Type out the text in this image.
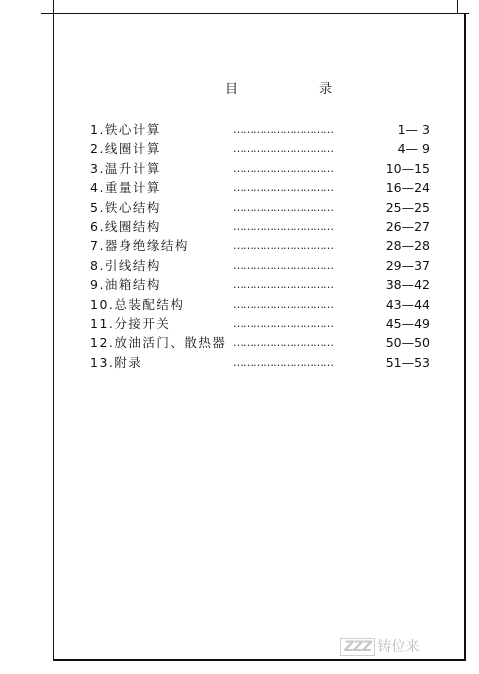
目　录
1.铁心计算	…………………………	1— 3
2.线圈计算	…………………………	4— 9
3.温升计算	…………………………	10—15
4.重量计算	…………………………	16—24
5.铁心结构	…………………………	25—25
6.线圈结构	…………………………	26—27
7.器身绝缘结构	…………………………	28—28
8.引线结构	…………………………	29—37
9.油箱结构	…………………………	38—42
10.总装配结构	…………………………	43—44
11.分接开关	…………………………	45—49
12.放油活门、散热器 …………………………	50—50
13.附录	…………………………	51—53
ZZZ 铸位来
